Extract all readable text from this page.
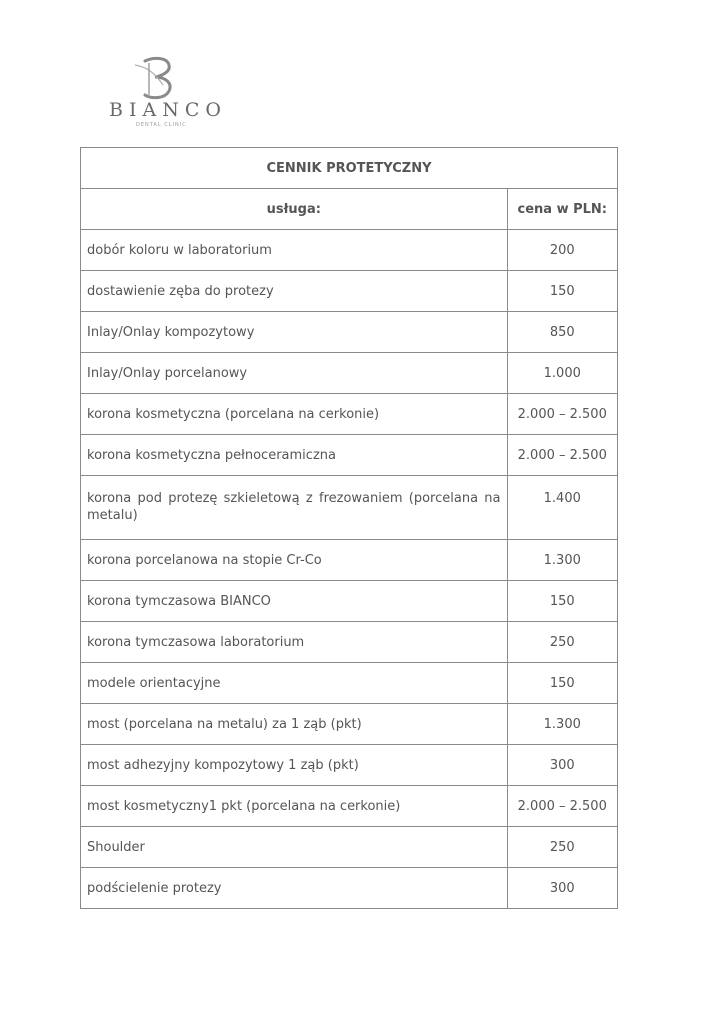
BIANCO
DENTAL CLINIC
CENNIK PROTETYCZNY	
usługa:	cena w PLN:
dobór koloru w laboratorium	200
dostawienie zęba do protezy	150
Inlay/Onlay kompozytowy	850
Inlay/Onlay porcelanowy	1.000
korona kosmetyczna (porcelana na cerkonie)	2.000 – 2.500
korona kosmetyczna pełnoceramiczna	2.000 – 2.500
korona pod protezę szkieletową z frezowaniem (porcelana na metalu)	1.400
korona porcelanowa na stopie Cr-Co	1.300
korona tymczasowa BIANCO	150
korona tymczasowa laboratorium	250
modele orientacyjne	150
most (porcelana na metalu) za 1 ząb (pkt)	1.300
most adhezyjny kompozytowy 1 ząb (pkt)	300
most kosmetyczny1 pkt (porcelana na cerkonie)	2.000 – 2.500
Shoulder	250
podścielenie protezy	300
